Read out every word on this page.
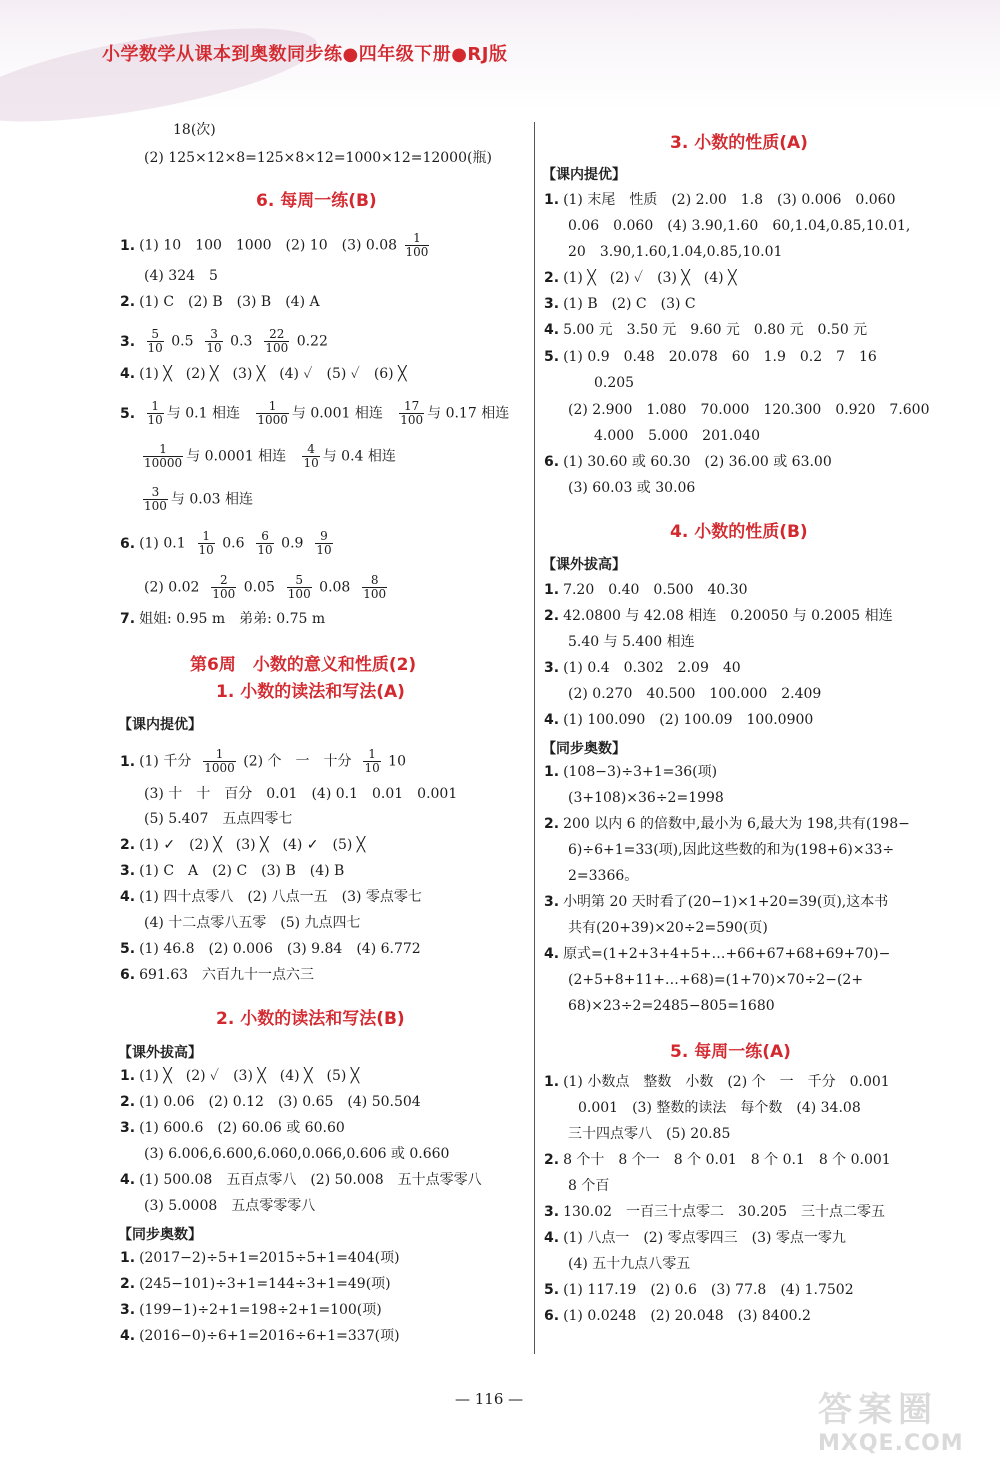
小学数学从课本到奥数同步练●四年级下册●RJ版
18(次)
(2) 125×12×8=125×8×12=1000×12=12000(瓶)
6. 每周一练(B)
1. (1) 10　100　1000　(2) 10　(3) $0.08 \frac{1}{100}$
(4) 324　5
2. (1) C　(2) B　(3) B　(4) A
3. $\frac{5}{10} 0.5 \frac{3}{10} 0.3 \frac{22}{100} 0.22$
4. (1) ╳　(2) ╳　(3) ╳　(4) ✓　(5) ✓　(6) ╳
5. $\frac{1}{10}$ 与 0.1 相连 $\frac{1}{1000}$ 与 0.001 相连 $\frac{17}{100}$ 与 0.17 相连
$\frac{1}{10000}$ 与 0.0001 相连 $\frac{4}{10}$ 与 0.4 相连
$\frac{3}{100}$ 与 0.03 相连
6. (1) $0.1 \frac{1}{10} 0.6 \frac{6}{10} 0.9 \frac{9}{10}$
(2) $0.02 \frac{2}{100} 0.05 \frac{5}{100} 0.08 \frac{8}{100}$
7. 姐姐: 0.95 m　弟弟: 0.75 m
第6周　小数的意义和性质(2)
1. 小数的读法和写法(A)
【课内提优】
1. (1) 千分 $\frac{1}{1000} (2)$ 个　一　十分 $\frac{1}{10} 10$
(3) 十　十　百分　0.01　(4) 0.1　0.01　0.001
(5) 5.407　五点四零七
2. (1) ✓　(2) ╳　(3) ╳　(4) ✓　(5) ╳
3. (1) C　A　(2) C　(3) B　(4) B
4. (1) 四十点零八　(2) 八点一五　(3) 零点零七
(4) 十二点零八五零　(5) 九点四七
5. (1) 46.8　(2) 0.006　(3) 9.84　(4) 6.772
6. 691.63　六百九十一点六三
2. 小数的读法和写法(B)
【课外拔高】
1. (1) ╳　(2) ✓　(3) ╳　(4) ╳　(5) ╳
2. (1) 0.06　(2) 0.12　(3) 0.65　(4) 50.504
3. (1) 600.6　(2) 60.06 或 60.60
(3) 6.006,6.600,6.060,0.066,0.606 或 0.660
4. (1) 500.08　五百点零八　(2) 50.008　五十点零零八
(3) 5.0008　五点零零零八
【同步奥数】
1. (2017−2)÷5+1=2015÷5+1=404(项)
2. (245−101)÷3+1=144÷3+1=49(项)
3. (199−1)÷2+1=198÷2+1=100(项)
4. (2016−0)÷6+1=2016÷6+1=337(项)
3. 小数的性质(A)
【课内提优】
1. (1) 末尾　性质　(2) 2.00　1.8　(3) 0.006　0.060
0.06　0.060　(4) 3.90,1.60　60,1.04,0.85,10.01,
20　3.90,1.60,1.04,0.85,10.01
2. (1) ╳　(2) ✓　(3) ╳　(4) ╳
3. (1) B　(2) C　(3) C
4. 5.00 元　3.50 元　9.60 元　0.80 元　0.50 元
5. (1) 0.9　0.48　20.078　60　1.9　0.2　7　16
0.205
(2) 2.900　1.080　70.000　120.300　0.920　7.600
4.000　5.000　201.040
6. (1) 30.60 或 60.30　(2) 36.00 或 63.00
(3) 60.03 或 30.06
4. 小数的性质(B)
【课外拔高】
1. 7.20　0.40　0.500　40.30
2. 42.0800 与 42.08 相连　0.20050 与 0.2005 相连
5.40 与 5.400 相连
3. (1) 0.4　0.302　2.09　40
(2) 0.270　40.500　100.000　2.409
4. (1) 100.090　(2) 100.09　100.0900
【同步奥数】
1. (108−3)÷3+1=36(项)
(3+108)×36÷2=1998
2. 200 以内 6 的倍数中,最小为 6,最大为 198,共有(198−
6)÷6+1=33(项),因此这些数的和为(198+6)×33÷
2=3366。
3. 小明第 20 天时看了(20−1)×1+20=39(页),这本书
共有(20+39)×20÷2=590(页)
4. 原式=(1+2+3+4+5+…+66+67+68+69+70)−
(2+5+8+11+…+68)=(1+70)×70÷2−(2+
68)×23÷2=2485−805=1680
5. 每周一练(A)
1. (1) 小数点　整数　小数　(2) 个　一　千分　0.001
0.001　(3) 整数的读法　每个数　(4) 34.08
三十四点零八　(5) 20.85
2. 8 个十　8 个一　8 个 0.01　8 个 0.1　8 个 0.001
8 个百
3. 130.02　一百三十点零二　30.205　三十点二零五
4. (1) 八点一　(2) 零点零四三　(3) 零点一零九
(4) 五十九点八零五
5. (1) 117.19　(2) 0.6　(3) 77.8　(4) 1.7502
6. (1) 0.0248　(2) 20.048　(3) 8400.2
— 116 —	答案圈
MXQE.COM
